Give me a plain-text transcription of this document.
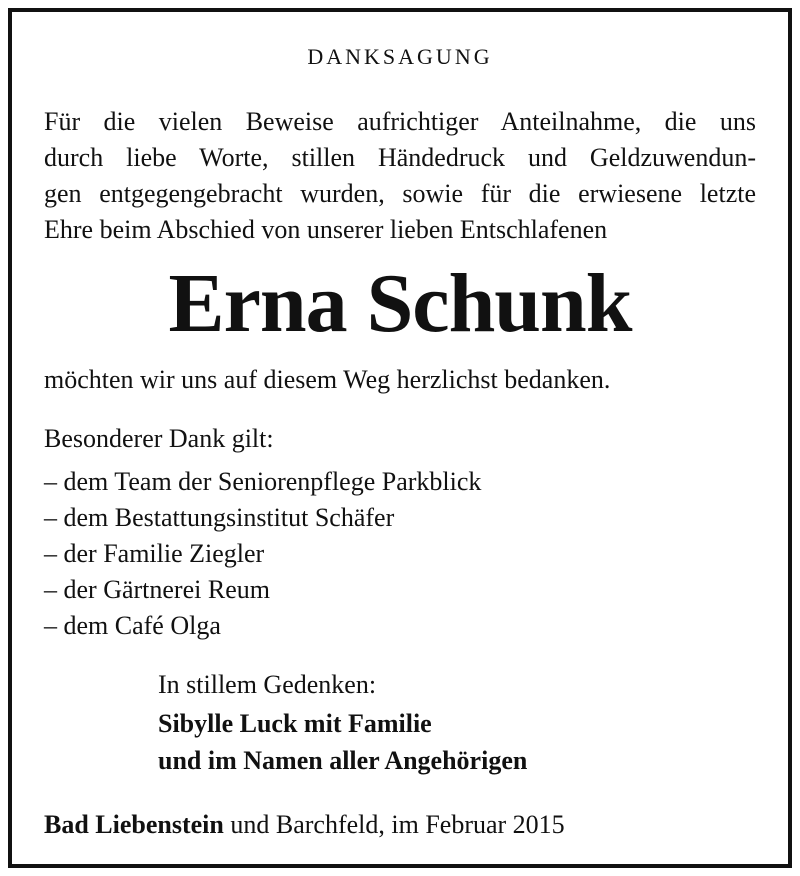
DANKSAGUNG
Für die vielen Beweise aufrichtiger Anteilnahme, die uns
durch liebe Worte, stillen Händedruck und Geldzuwendun-
gen entgegengebracht wurden, sowie für die erwiesene letzte
Ehre beim Abschied von unserer lieben Entschlafenen
Erna Schunk
möchten wir uns auf diesem Weg herzlichst bedanken.
Besonderer Dank gilt:
– dem Team der Seniorenpflege Parkblick
– dem Bestattungsinstitut Schäfer
– der Familie Ziegler
– der Gärtnerei Reum
– dem Café Olga
In stillem Gedenken:
Sibylle Luck mit Familie
und im Namen aller Angehörigen
Bad Liebenstein und Barchfeld, im Februar 2015
